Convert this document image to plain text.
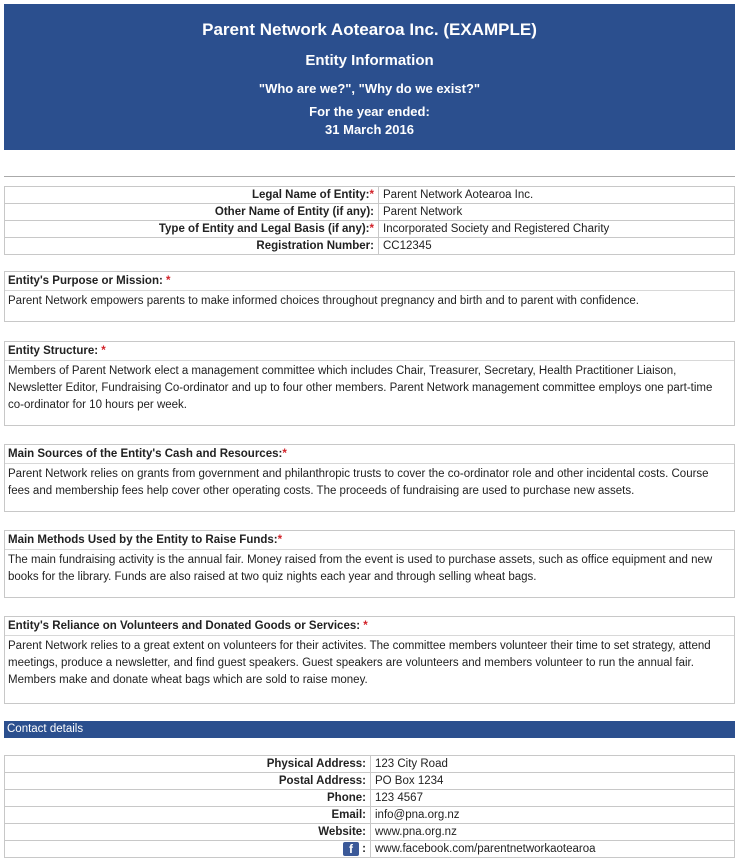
Parent Network Aotearoa Inc. (EXAMPLE)
Entity Information
"Who are we?", "Why do we exist?"
For the year ended:
31 March 2016
Legal Name of Entity:*	Parent Network Aotearoa Inc.
Other Name of Entity (if any):	Parent Network
Type of Entity and Legal Basis (if any):*	Incorporated Society and Registered Charity
Registration Number:	CC12345
Entity's Purpose or Mission: *
Parent Network empowers parents to make informed choices throughout pregnancy and birth and to parent with confidence.
Entity Structure: *
Members of Parent Network elect a management committee which includes Chair, Treasurer, Secretary, Health Practitioner Liaison, Newsletter Editor, Fundraising Co-ordinator and up to four other members. Parent Network management committee employs one part-time co-ordinator for 10 hours per week.
Main Sources of the Entity's Cash and Resources:*
Parent Network relies on grants from government and philanthropic trusts to cover the co-ordinator role and other incidental costs. Course fees and membership fees help cover other operating costs. The proceeds of fundraising are used to purchase new assets.
Main Methods Used by the Entity to Raise Funds:*
The main fundraising activity is the annual fair. Money raised from the event is used to purchase assets, such as office equipment and new books for the library. Funds are also raised at two quiz nights each year and through selling wheat bags.
Entity's Reliance on Volunteers and Donated Goods or Services: *
Parent Network relies to a great extent on volunteers for their activites. The committee members volunteer their time to set strategy, attend meetings, produce a newsletter, and find guest speakers. Guest speakers are volunteers and members volunteer to run the annual fair. Members make and donate wheat bags which are sold to raise money.
Contact details
Physical Address:	123 City Road
Postal Address:	PO Box 1234
Phone:	123 4567
Email:	info@pna.org.nz
Website:	www.pna.org.nz
f :	www.facebook.com/parentnetworkaotearoa
